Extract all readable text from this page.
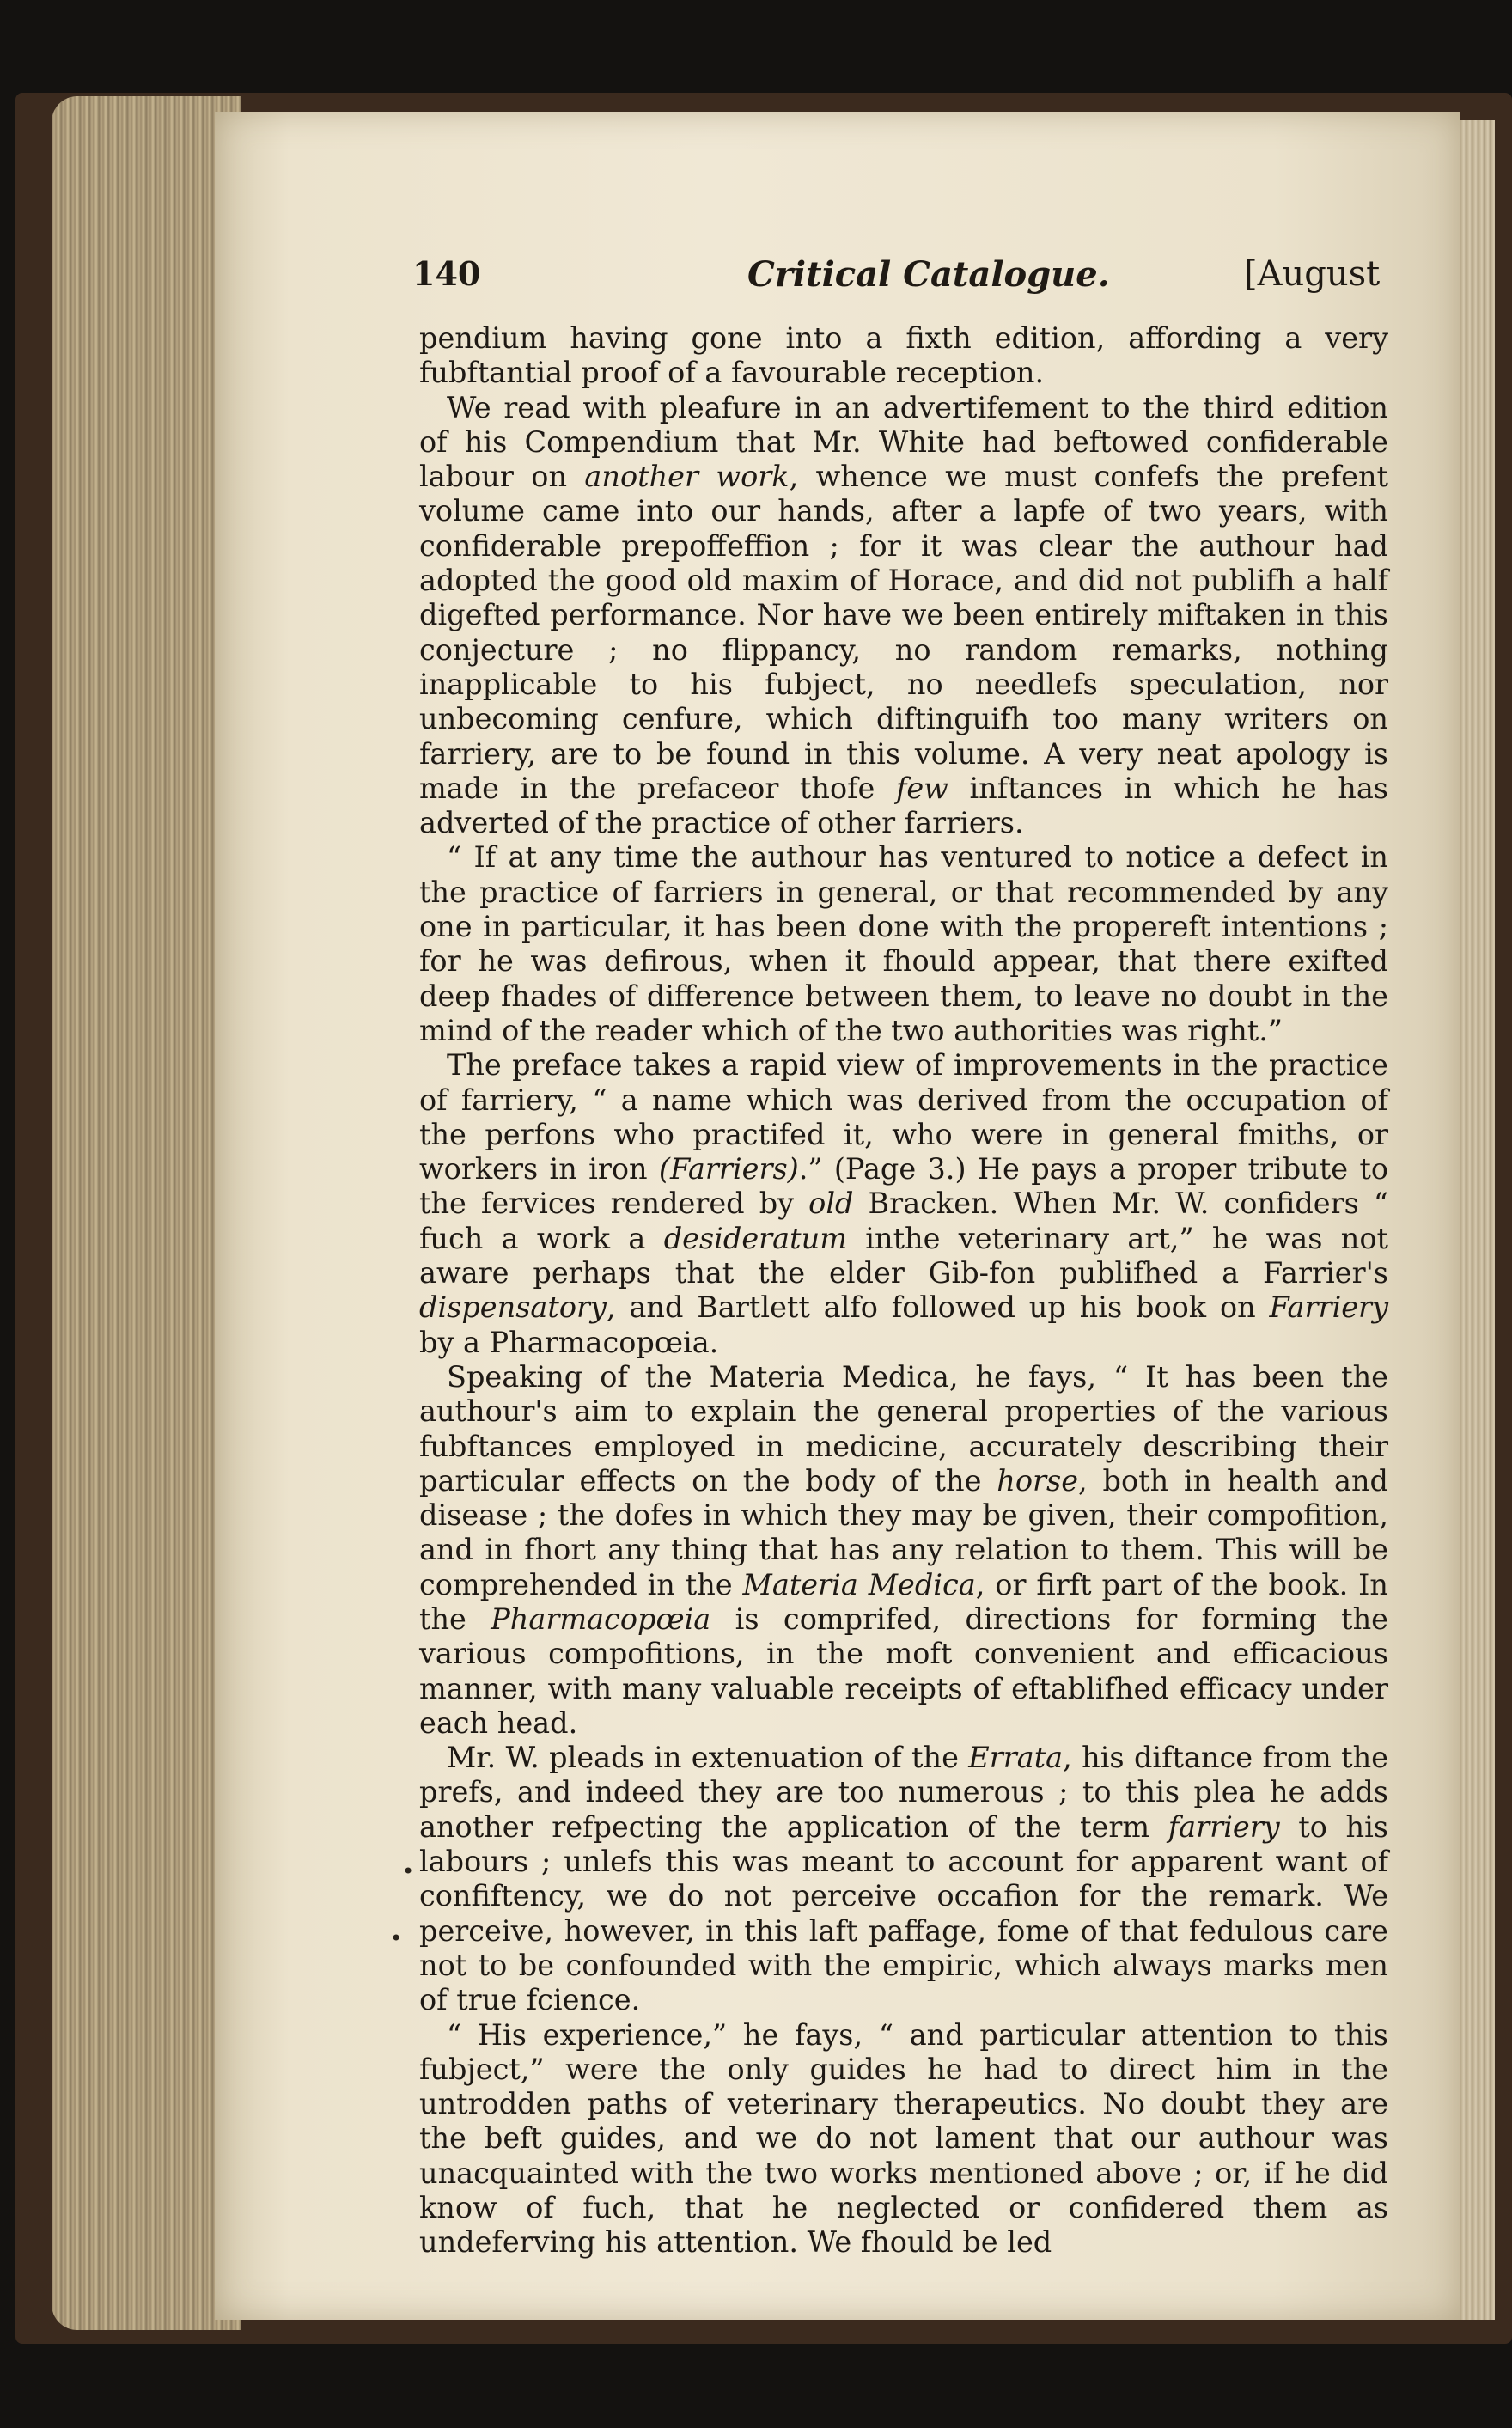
140	Critical Catalogue.	[August

pendium having gone into a fixth edition, affording a very fubftantial proof of a favourable reception.

We read with pleafure in an advertifement to the third edition of his Compendium that Mr. White had beftowed confiderable labour on another work, whence we must confefs the prefent volume came into our hands, after a lapfe of two years, with confiderable prepoffeffion ; for it was clear the authour had adopted the good old maxim of Horace, and did not publifh a half digefted performance. Nor have we been entirely miftaken in this conjecture ; no flippancy, no random remarks, nothing inapplicable to his fubject, no needlefs speculation, nor unbecoming cenfure, which diftinguifh too many writers on farriery, are to be found in this volume. A very neat apology is made in the prefaceor thofe few inftances in which he has adverted of the practice of other farriers.

“ If at any time the authour has ventured to notice a defect in the practice of farriers in general, or that recommended by any one in particular, it has been done with the propereft intentions ; for he was defirous, when it fhould appear, that there exifted deep fhades of difference between them, to leave no doubt in the mind of the reader which of the two authorities was right.”

The preface takes a rapid view of improvements in the practice of farriery, “ a name which was derived from the occupation of the perfons who practifed it, who were in general fmiths, or workers in iron (Farriers).” (Page 3.) He pays a proper tribute to the fervices rendered by old Bracken. When Mr. W. confiders “ fuch a work a desideratum inthe veterinary art,” he was not aware perhaps that the elder Gib-fon publifhed a Farrier's dispensatory, and Bartlett alfo followed up his book on Farriery by a Pharmacopœia.

Speaking of the Materia Medica, he fays, “ It has been the authour's aim to explain the general properties of the various fubftances employed in medicine, accurately describing their particular effects on the body of the horse, both in health and disease ; the dofes in which they may be given, their compofition, and in fhort any thing that has any relation to them. This will be comprehended in the Materia Medica, or firft part of the book. In the Pharmacopœia is comprifed, directions for forming the various compofitions, in the moft convenient and efficacious manner, with many valuable receipts of eftablifhed efficacy under each head.

Mr. W. pleads in extenuation of the Errata, his diftance from the prefs, and indeed they are too numerous ; to this plea he adds another refpecting the application of the term farriery to his labours ; unlefs this was meant to account for apparent want of confiftency, we do not perceive occafion for the remark. We perceive, however, in this laft paffage, fome of that fedulous care not to be confounded with the empiric, which always marks men of true fcience.

“ His experience,” he fays, “ and particular attention to this fubject,” were the only guides he had to direct him in the untrodden paths of veterinary therapeutics. No doubt they are the beft guides, and we do not lament that our authour was unacquainted with the two works mentioned above ; or, if he did know of fuch, that he neglected or confidered them as undeferving his attention. We fhould be led

•
•
